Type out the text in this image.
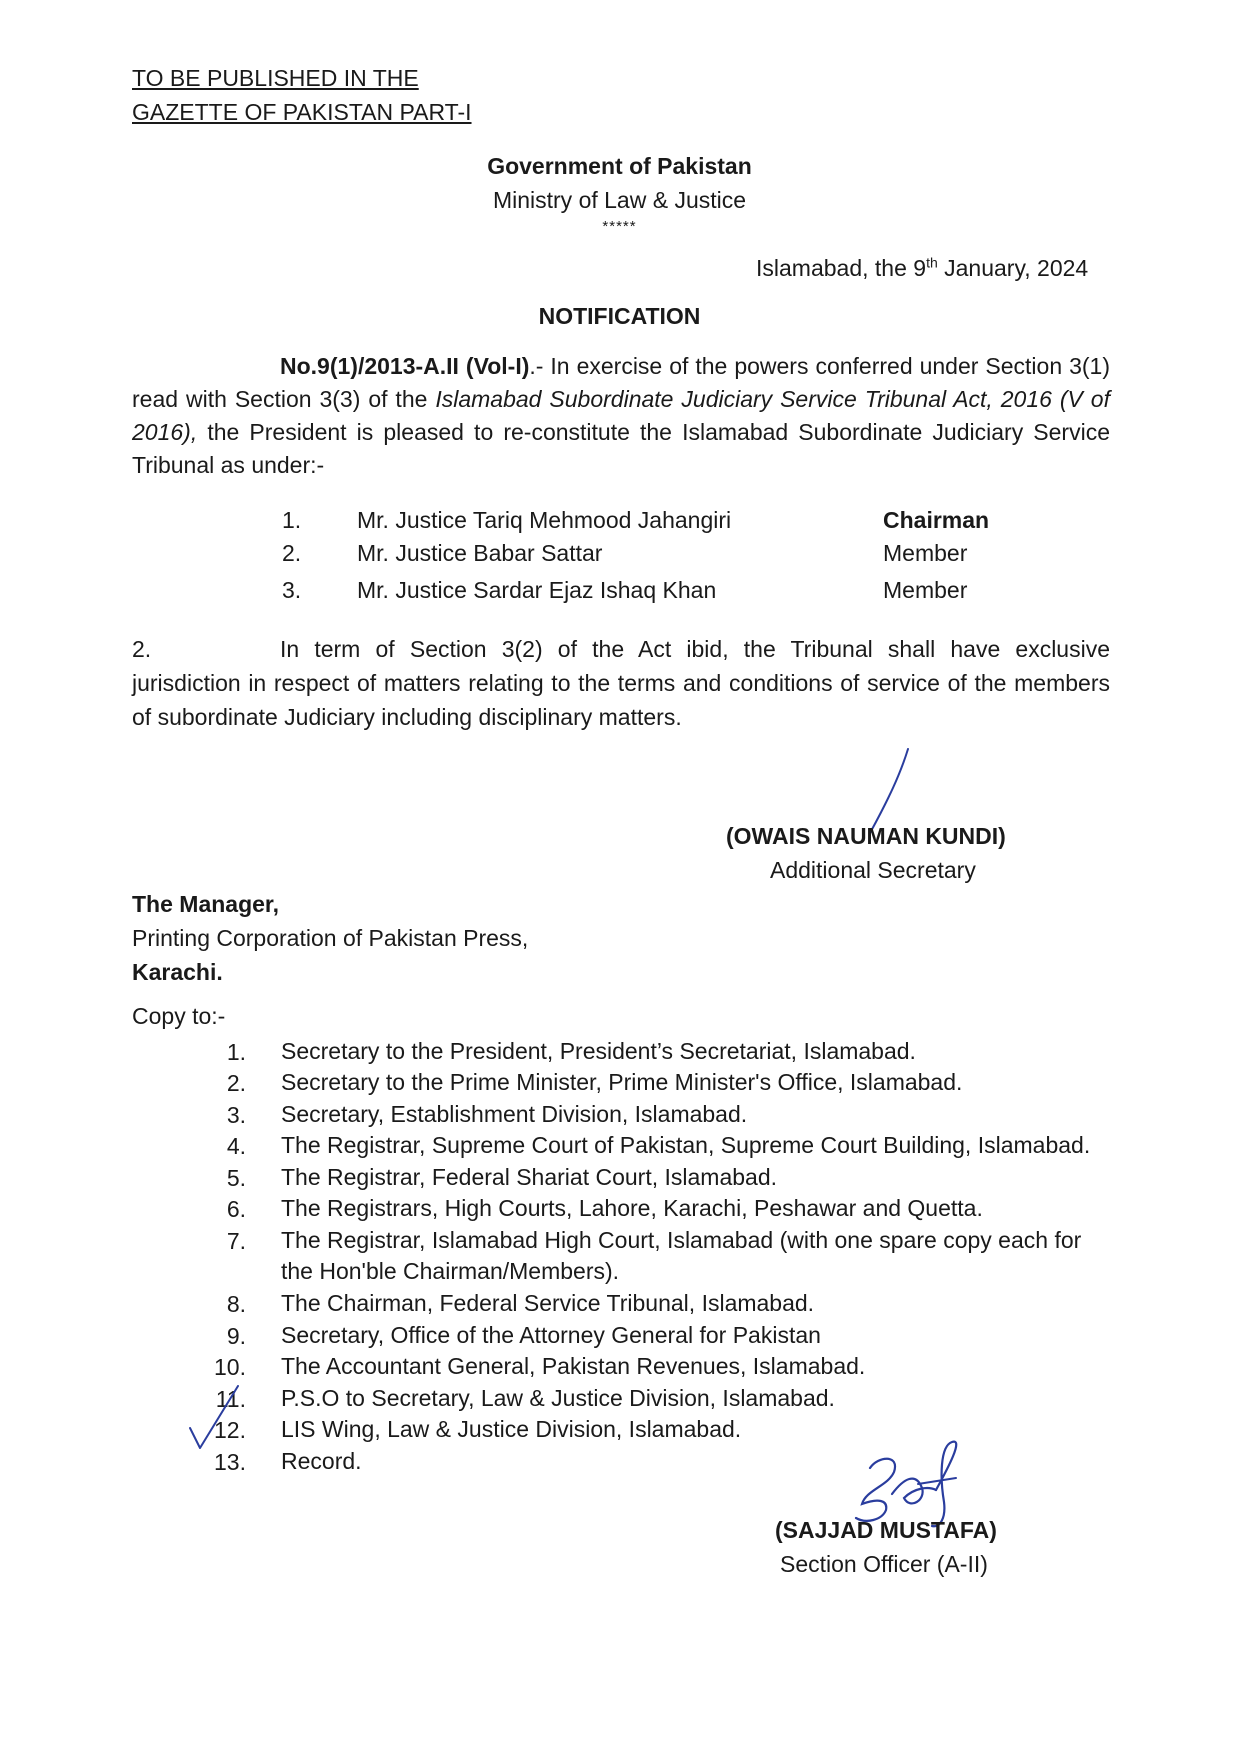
TO BE PUBLISHED IN THE
GAZETTE OF PAKISTAN PART-I
Government of Pakistan
Ministry of Law & Justice
*****
Islamabad, the 9th January, 2024
NOTIFICATION

No.9(1)/2013-A.II (Vol-I).- In exercise of the powers conferred under Section 3(1) read with Section 3(3) of the Islamabad Subordinate Judiciary Service Tribunal Act, 2016 (V of 2016), the President is pleased to re-constitute the Islamabad Subordinate Judiciary Service Tribunal as under:-

1. Mr. Justice Tariq Mehmood Jahangiri	Chairman
2. Mr. Justice Babar Sattar	Member
3. Mr. Justice Sardar Ejaz Ishaq Khan	Member

2.	In term of Section 3(2) of the Act ibid, the Tribunal shall have exclusive jurisdiction in respect of matters relating to the terms and conditions of service of the members of subordinate Judiciary including disciplinary matters.

(OWAIS NAUMAN KUNDI)
Additional Secretary
The Manager,
Printing Corporation of Pakistan Press,
Karachi.
Copy to:-
1. Secretary to the President, President’s Secretariat, Islamabad.
2. Secretary to the Prime Minister, Prime Minister's Office, Islamabad.
3. Secretary, Establishment Division, Islamabad.
4. The Registrar, Supreme Court of Pakistan, Supreme Court Building, Islamabad.
5. The Registrar, Federal Shariat Court, Islamabad.
6. The Registrars, High Courts, Lahore, Karachi, Peshawar and Quetta.
7. The Registrar, Islamabad High Court, Islamabad (with one spare copy each for the Hon'ble Chairman/Members).
8. The Chairman, Federal Service Tribunal, Islamabad.
9. Secretary, Office of the Attorney General for Pakistan
10. The Accountant General, Pakistan Revenues, Islamabad.
11. P.S.O to Secretary, Law & Justice Division, Islamabad.
12. LIS Wing, Law & Justice Division, Islamabad.
13. Record.
(SAJJAD MUSTAFA)
Section Officer (A-II)
